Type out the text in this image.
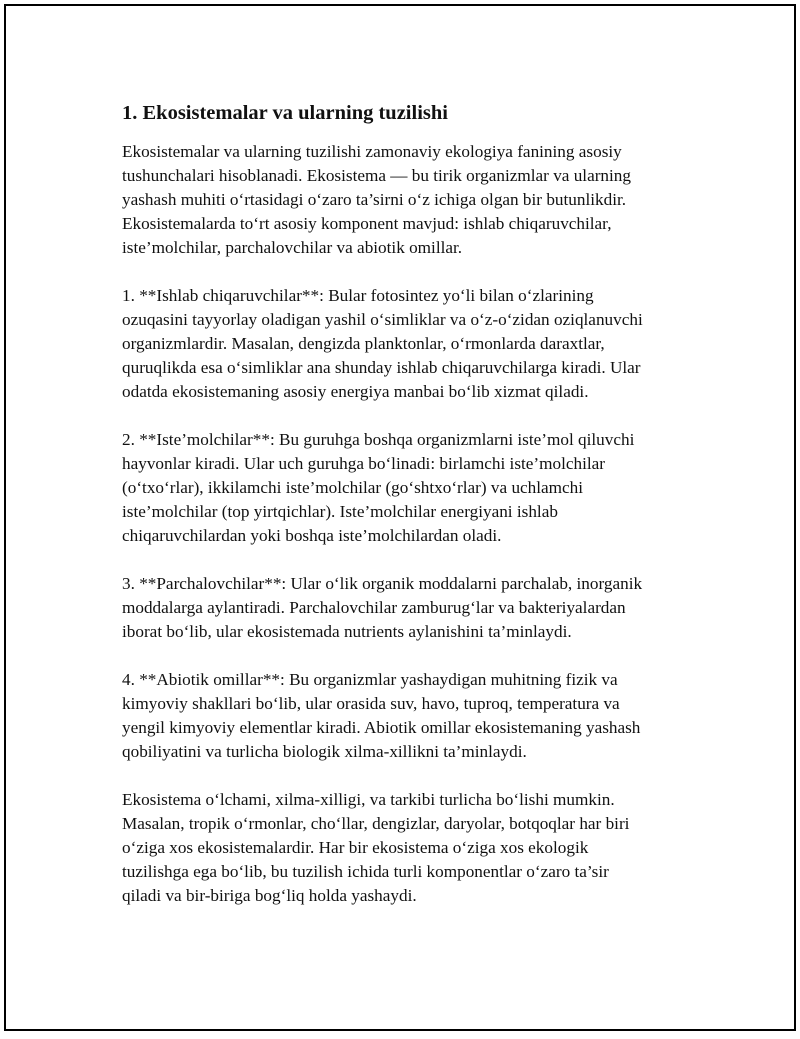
1. Ekosistemalar va ularning tuzilishi

Ekosistemalar va ularning tuzilishi zamonaviy ekologiya fanining asosiy
tushunchalari hisoblanadi. Ekosistema — bu tirik organizmlar va ularning
yashash muhiti o‘rtasidagi o‘zaro ta’sirni o‘z ichiga olgan bir butunlikdir.
Ekosistemalarda to‘rt asosiy komponent mavjud: ishlab chiqaruvchilar,
iste’molchilar, parchalovchilar va abiotik omillar.

1. **Ishlab chiqaruvchilar**: Bular fotosintez yo‘li bilan o‘zlarining
ozuqasini tayyorlay oladigan yashil o‘simliklar va o‘z-o‘zidan oziqlanuvchi
organizmlardir. Masalan, dengizda planktonlar, o‘rmonlarda daraxtlar,
quruqlikda esa o‘simliklar ana shunday ishlab chiqaruvchilarga kiradi. Ular
odatda ekosistemaning asosiy energiya manbai bo‘lib xizmat qiladi.

2. **Iste’molchilar**: Bu guruhga boshqa organizmlarni iste’mol qiluvchi
hayvonlar kiradi. Ular uch guruhga bo‘linadi: birlamchi iste’molchilar
(o‘txo‘rlar), ikkilamchi iste’molchilar (go‘shtxo‘rlar) va uchlamchi
iste’molchilar (top yirtqichlar). Iste’molchilar energiyani ishlab
chiqaruvchilardan yoki boshqa iste’molchilardan oladi.

3. **Parchalovchilar**: Ular o‘lik organik moddalarni parchalab, inorganik
moddalarga aylantiradi. Parchalovchilar zamburug‘lar va bakteriyalardan
iborat bo‘lib, ular ekosistemada nutrients aylanishini ta’minlaydi.

4. **Abiotik omillar**: Bu organizmlar yashaydigan muhitning fizik va
kimyoviy shakllari bo‘lib, ular orasida suv, havo, tuproq, temperatura va
yengil kimyoviy elementlar kiradi. Abiotik omillar ekosistemaning yashash
qobiliyatini va turlicha biologik xilma-xillikni ta’minlaydi.

Ekosistema o‘lchami, xilma-xilligi, va tarkibi turlicha bo‘lishi mumkin.
Masalan, tropik o‘rmonlar, cho‘llar, dengizlar, daryolar, botqoqlar har biri
o‘ziga xos ekosistemalardir. Har bir ekosistema o‘ziga xos ekologik
tuzilishga ega bo‘lib, bu tuzilish ichida turli komponentlar o‘zaro ta’sir
qiladi va bir-biriga bog‘liq holda yashaydi.
